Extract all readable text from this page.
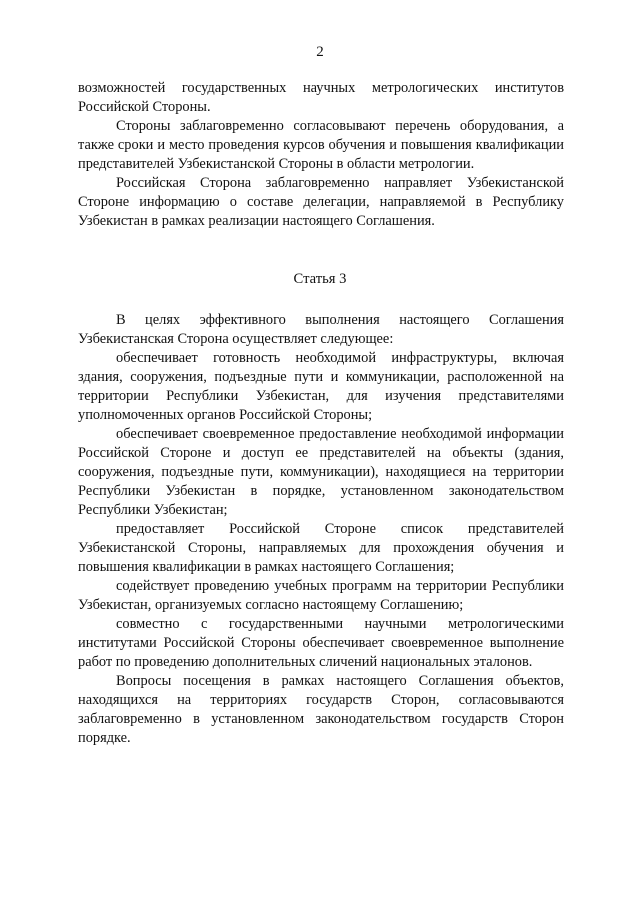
2

возможностей государственных научных метрологических институтов Российской Стороны.

Стороны заблаговременно согласовывают перечень оборудования, а также сроки и место проведения курсов обучения и повышения квалификации представителей Узбекистанской Стороны в области метрологии.

Российская Сторона заблаговременно направляет Узбекистанской Стороне информацию о составе делегации, направляемой в Республику Узбекистан в рамках реализации настоящего Соглашения.

Статья 3

В целях эффективного выполнения настоящего Соглашения Узбекистанская Сторона осуществляет следующее:

обеспечивает готовность необходимой инфраструктуры, включая здания, сооружения, подъездные пути и коммуникации, расположенной на территории Республики Узбекистан, для изучения представителями уполномоченных органов Российской Стороны;

обеспечивает своевременное предоставление необходимой информации Российской Стороне и доступ ее представителей на объекты (здания, сооружения, подъездные пути, коммуникации), находящиеся на территории Республики Узбекистан в порядке, установленном законодательством Республики Узбекистан;

предоставляет Российской Стороне список представителей Узбекистанской Стороны, направляемых для прохождения обучения и повышения квалификации в рамках настоящего Соглашения;

содействует проведению учебных программ на территории Республики Узбекистан, организуемых согласно настоящему Соглашению;

совместно с государственными научными метрологическими институтами Российской Стороны обеспечивает своевременное выполнение работ по проведению дополнительных сличений национальных эталонов.

Вопросы посещения в рамках настоящего Соглашения объектов, находящихся на территориях государств Сторон, согласовываются заблаговременно в установленном законодательством государств Сторон порядке.
